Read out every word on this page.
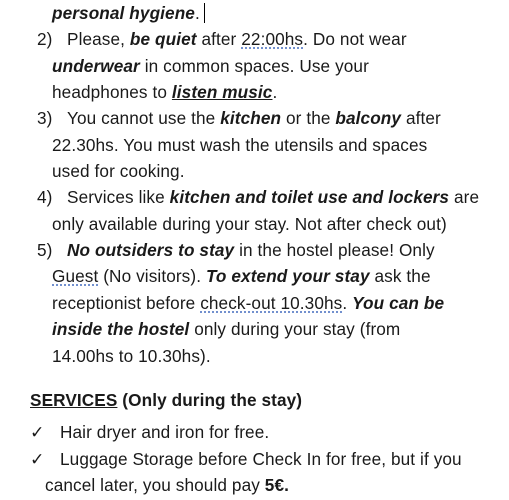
personal hygiene.
2) Please, be quiet after 22:00hs. Do not wear
underwear in common spaces. Use your
headphones to listen music.
3) You cannot use the kitchen or the balcony after
22.30hs. You must wash the utensils and spaces
used for cooking.
4) Services like kitchen and toilet use and lockers are
only available during your stay. Not after check out)
5) No outsiders to stay in the hostel please! Only
Guest (No visitors). To extend your stay ask the
receptionist before check-out 10.30hs. You can be
inside the hostel only during your stay (from
14.00hs to 10.30hs).
SERVICES (Only during the stay)
✓ Hair dryer and iron for free.
✓ Luggage Storage before Check In for free, but if you
cancel later, you should pay 5€.
